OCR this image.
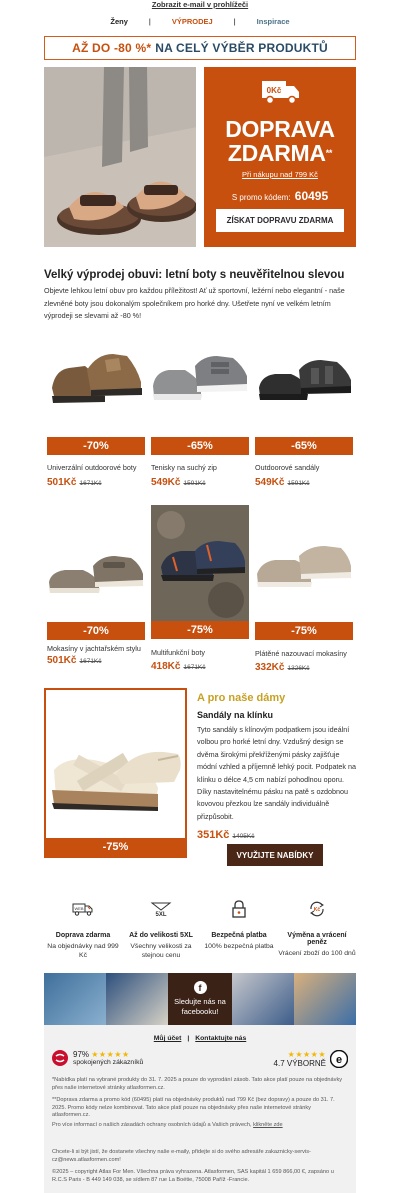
Zobrazit e-mail v prohlížeči
Ženy	|	VÝPRODEJ	|	Inspirace
AŽ DO -80 %* NA CELÝ VÝBĚR PRODUKTŮ
0Kč
DOPRAVA
ZDARMA**
Při nákupu nad 799 Kč
S promo kódem: 60495
ZÍSKAT DOPRAVU ZDARMA
Velký výprodej obuvi: letní boty s neuvěřitelnou slevou
Objevte lehkou letní obuv pro každou příležitost! Ať už sportovní, ležérní nebo elegantní - naše zlevněné boty jsou dokonalým společníkem pro horké dny. Ušetřete nyní ve velkém letním výprodeji se slevami až -80 %!
-70%
Univerzální outdoorové boty
501Kč 1671Kč
-65%
Tenisky na suchý zip
549Kč 1591Kč
-65%
Outdoorové sandály
549Kč 1591Kč
-70%
Mokasíny v jachtařském stylu
501Kč 1671Kč
-75%
Multifunkční boty
418Kč 1671Kč
-75%
Plátěné nazouvací mokasíny
332Kč 1326Kč
-75%
A pro naše dámy
Sandály na klínku
Tyto sandály s klínovým podpatkem jsou ideální volbou pro horké letní dny. Vzdušný design se dvěma širokými překříženými pásky zajišťuje módní vzhled a příjemně lehký pocit. Podpatek na klínku o délce 4,5 cm nabízí pohodlnou oporu. Díky nastavitelnému pásku na patě s ozdobnou kovovou přezkou lze sandály individuálně přizpůsobit.
351Kč 1405Kč
VYUŽIJTE NABÍDKY
WEB
Doprava zdarma
Na objednávky nad 999 Kč
5XL
Až do velikosti 5XL
Všechny velikosti za stejnou cenu
Bezpečná platba
100% bezpečná platba
Kč
Výměna a vrácení peněz
Vrácení zboží do 100 dnů
f
Sledujte nás na facebooku!
Můj účet | Kontaktujte nás
97% ★★★★★
spokojených zákazníků
★★★★★
4.7 VÝBORNĚ e
*Nabídka platí na vybrané produkty do 31. 7. 2025 a pouze do vyprodání zásob. Tato akce platí pouze na objednávky přes naše internetové stránky atlasformen.cz.
**Doprava zdarma a promo kód (60495) platí na objednávky produktů nad 799 Kč (bez dopravy) a pouze do 31. 7. 2025. Promo kódy nelze kombinovat. Tato akce platí pouze na objednávky přes naše internetové stránky atlasformen.cz.
Pro více informací o našich zásadách ochrany osobních údajů a Vašich právech, klikněte zde
Chcete-li si být jistí, že dostanete všechny naše e-maily, přidejte si do svého adresáře zakaznicky-servis-cz@news.atlasformen.com!
©2025 – copyright Atlas For Men. Všechna práva vyhrazena. Atlasformen, SAS kapitál 1 659 866,00 €, zapsáno u R.C.S Paris - B 449 149 038, se sídlem 87 rue La Boétie, 75008 Paříž -Francie.
